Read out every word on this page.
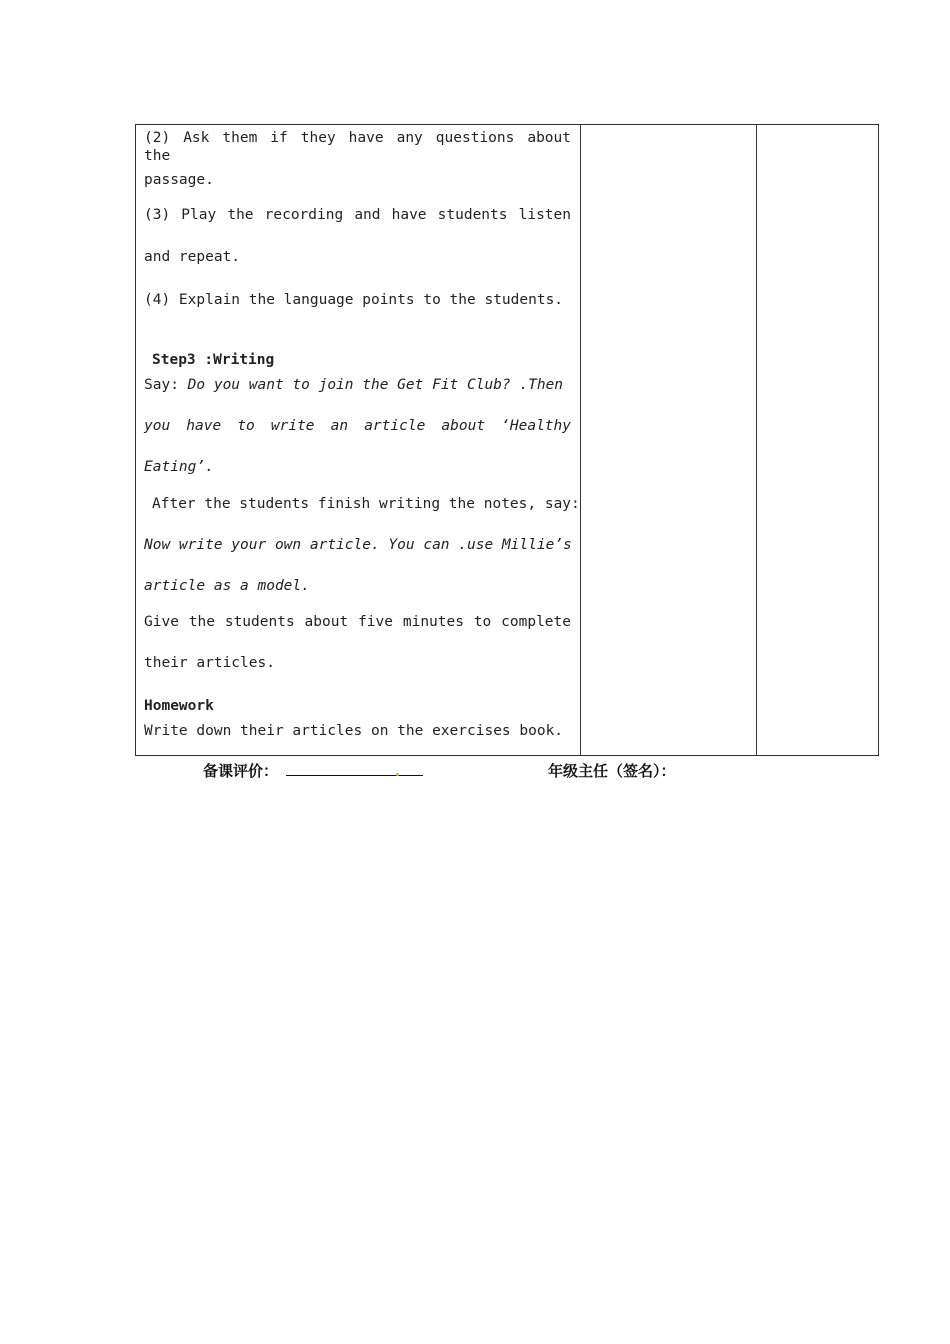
(2) Ask them if they have any questions about the
passage.
(3) Play the recording and have students listen
and repeat.
(4) Explain the language points to the students.
Step3 :Writing
Say: Do you want to join the Get Fit Club? .Then
you have to write an article about ‘Healthy
Eating’.
After the students finish writing the notes, say:
Now write your own article. You can .use Millie’s
article as a model.
Give the students about five minutes to complete
their articles.
Homework
Write down their articles on the exercises book.

备课评价：	年级主任（签名）：
